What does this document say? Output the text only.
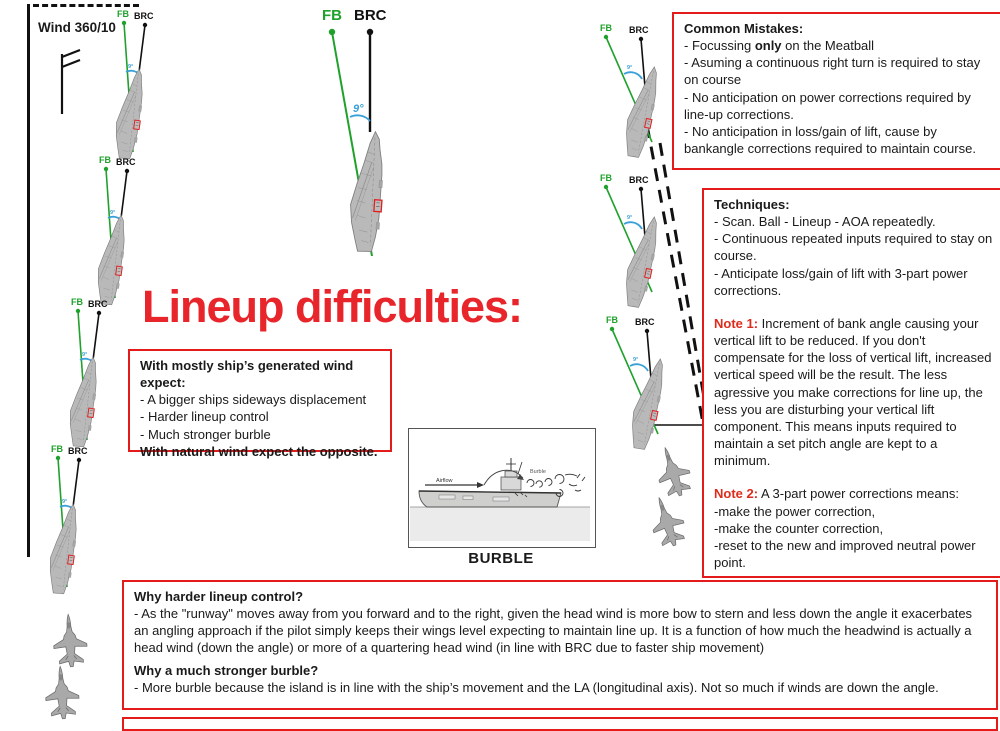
Wind 360/10
Lineup difficulties:
FB BRC
9°
FB BRC
9°
FB BRC
9°
FB BRC
9°
FB BRC
9°
FB BRC
9°
FB BRC
9°
FB BRC
9°
Airflow
Burble
BURBLE
Common Mistakes:
- Focussing only on the Meatball
- Asuming a continuous right turn is required to stay on course
- No anticipation on power corrections required by line-up corrections.
- No anticipation in loss/gain of lift, cause by bankangle corrections required to maintain course.
Techniques:
- Scan. Ball - Lineup - AOA repeatedly.
- Continuous repeated inputs required to stay on course.
- Anticipate loss/gain of lift with 3-part power corrections.
Note 1: Increment of bank angle causing your vertical lift to be reduced. If you don't compensate for the loss of vertical lift, increased vertical speed will be the result. The less agressive you make corrections for line up, the less you are disturbing your vertical lift component. This means inputs required to maintain a set pitch angle are kept to a minimum.
Note 2: A 3-part power corrections means:
-make the power correction,
-make the counter correction,
-reset to the new and improved neutral power point.
With mostly ship’s generated wind expect:
- A bigger ships sideways displacement
- Harder lineup control
- Much stronger burble
With natural wind expect the opposite.
Why harder lineup control?
- As the "runway" moves away from you forward and to the right, given the head wind is more bow to stern and less down the angle it exacerbates an angling approach if the pilot simply keeps their wings level expecting to maintain line up. It is a function of how much the headwind is actually a head wind (down the angle) or more of a quartering head wind (in line with BRC due to faster ship movement)
Why a much stronger burble?
- More burble because the island is in line with the ship’s movement and the LA (longitudinal axis). Not so much if winds are down the angle.
